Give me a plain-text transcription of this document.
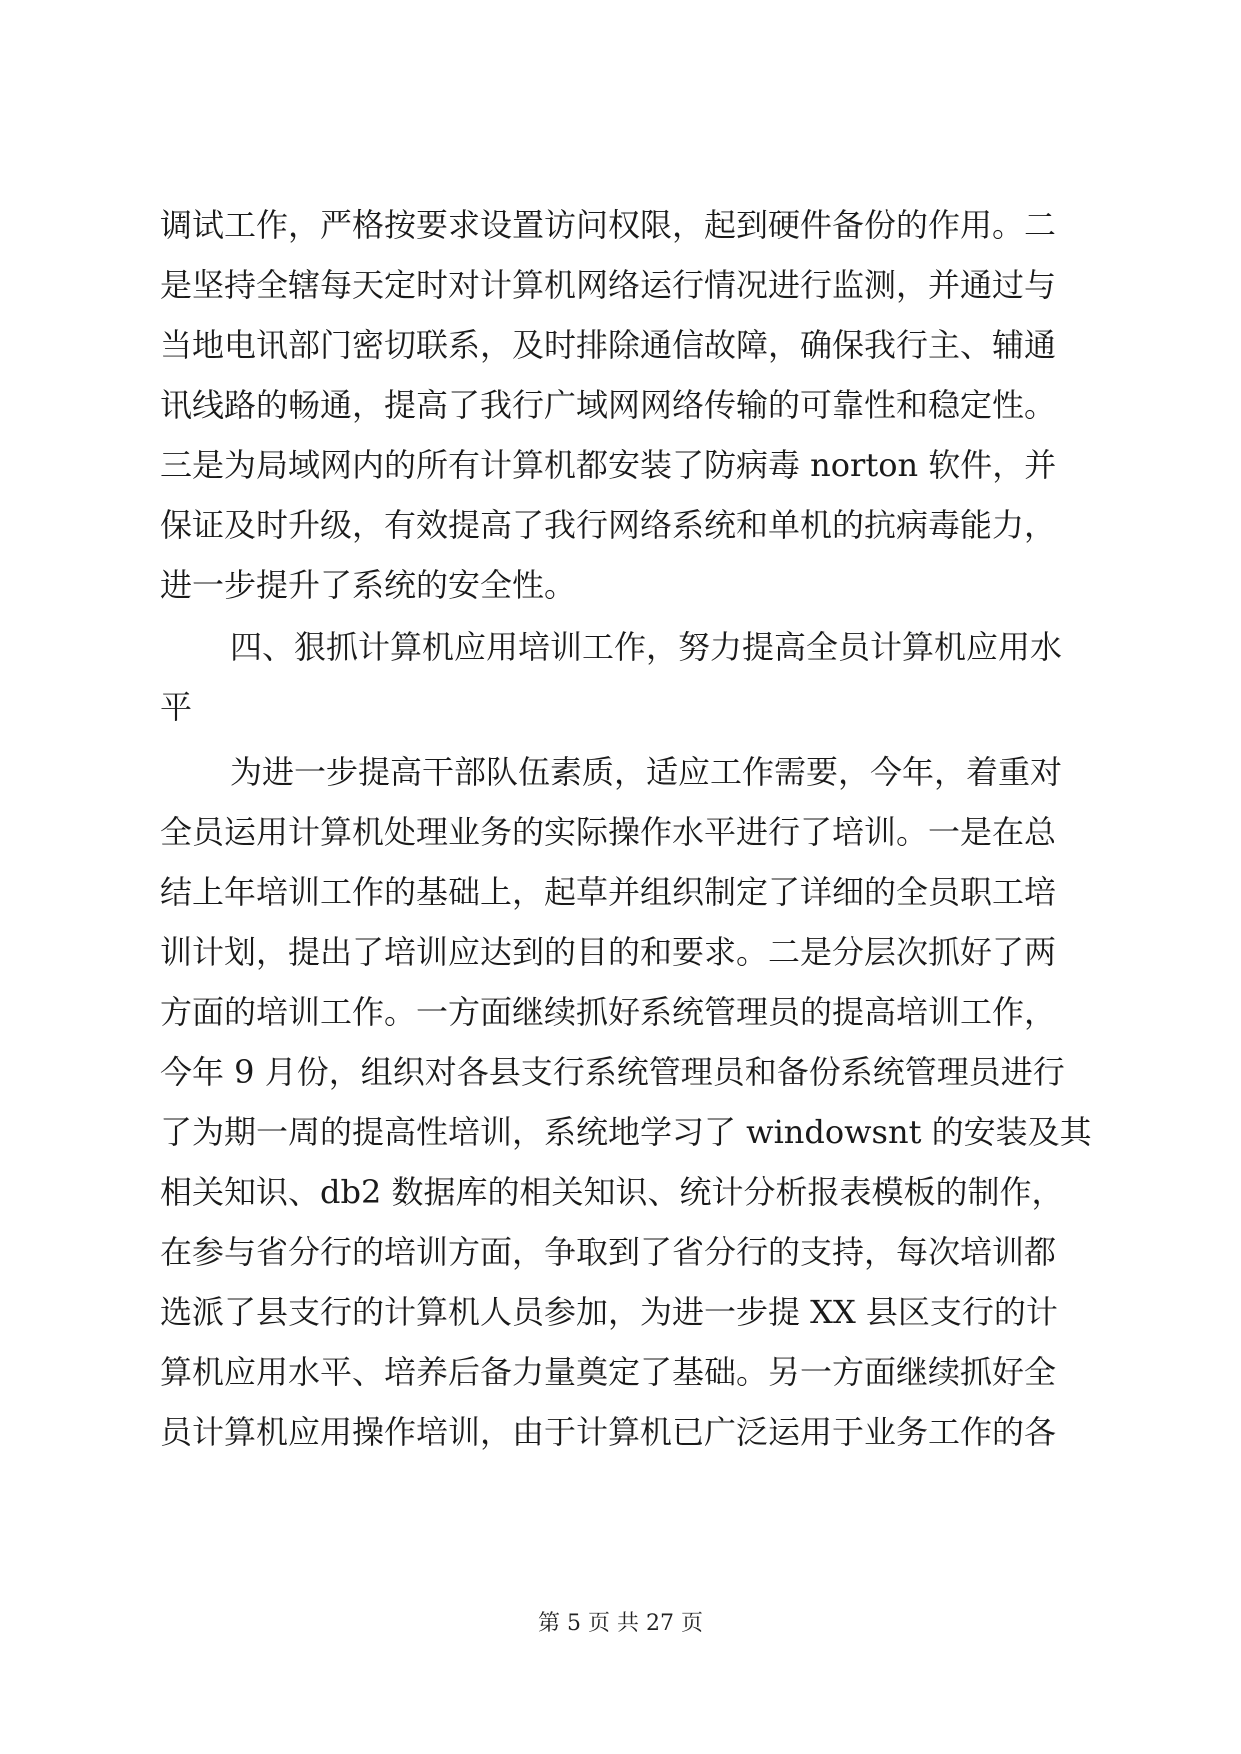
调试工作，严格按要求设置访问权限，起到硬件备份的作用。二
是坚持全辖每天定时对计算机网络运行情况进行监测，并通过与
当地电讯部门密切联系，及时排除通信故障，确保我行主、辅通
讯线路的畅通，提高了我行广域网网络传输的可靠性和稳定性。
三是为局域网内的所有计算机都安装了防病毒 norton 软件，并
保证及时升级，有效提高了我行网络系统和单机的抗病毒能力，
进一步提升了系统的安全性。
四、狠抓计算机应用培训工作，努力提高全员计算机应用水
平
为进一步提高干部队伍素质，适应工作需要，今年，着重对
全员运用计算机处理业务的实际操作水平进行了培训。一是在总
结上年培训工作的基础上，起草并组织制定了详细的全员职工培
训计划，提出了培训应达到的目的和要求。二是分层次抓好了两
方面的培训工作。一方面继续抓好系统管理员的提高培训工作，
今年 9 月份，组织对各县支行系统管理员和备份系统管理员进行
了为期一周的提高性培训，系统地学习了 windowsnt 的安装及其
相关知识、db2 数据库的相关知识、统计分析报表模板的制作，
在参与省分行的培训方面，争取到了省分行的支持，每次培训都
选派了县支行的计算机人员参加，为进一步提 XX 县区支行的计
算机应用水平、培养后备力量奠定了基础。另一方面继续抓好全
员计算机应用操作培训，由于计算机已广泛运用于业务工作的各
第 5 页 共 27 页
